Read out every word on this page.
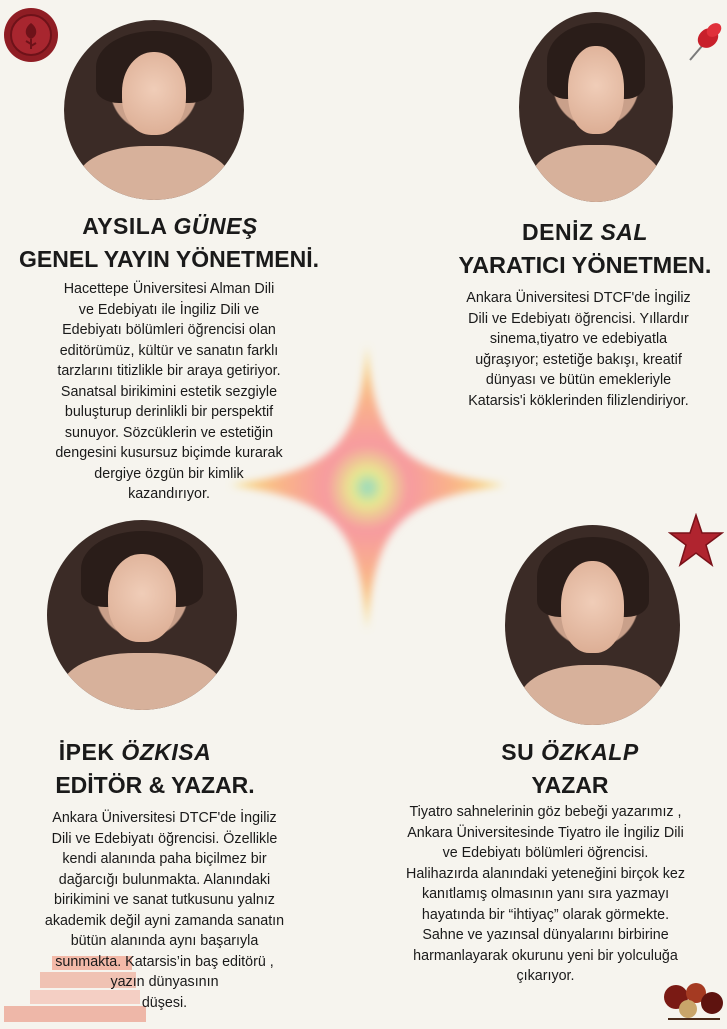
AYSILA GÜNEŞ
GENEL YAYIN YÖNETMENİ.
Hacettepe Üniversitesi Alman Dili
ve Edebiyatı ile İngiliz Dili ve
Edebiyatı bölümleri öğrencisi olan
editörümüz, kültür ve sanatın farklı
tarzlarını titizlikle bir araya getiriyor.
Sanatsal birikimini estetik sezgiyle
buluşturup derinlikli bir perspektif
sunuyor. Sözcüklerin ve estetiğin
dengesini kusursuz biçimde kurarak
dergiye özgün bir kimlik
kazandırıyor.
DENİZ SAL
YARATICI YÖNETMEN.
Ankara Üniversitesi DTCF'de İngiliz
Dili ve Edebiyatı öğrencisi. Yıllardır
sinema,tiyatro ve edebiyatla
uğraşıyor; estetiğe bakışı, kreatif
dünyası ve bütün emekleriyle
Katarsis'i köklerinden filizlendiriyor.
İPEK ÖZKISA
EDİTÖR & YAZAR.
Ankara Üniversitesi DTCF'de İngiliz
Dili ve Edebiyatı öğrencisi. Özellikle
kendi alanında paha biçilmez bir
dağarcığı bulunmakta. Alanındaki
birikimini ve sanat tutkusunu yalnız
akademik değil ayni zamanda sanatın
bütün alanında aynı başarıyla
sunmakta. Katarsis’in baş editörü ,
yazın dünyasının
düşesi.
SU ÖZKALP
YAZAR
Tiyatro sahnelerinin göz bebeği yazarımız ,
Ankara Üniversitesinde Tiyatro ile İngiliz Dili
ve Edebiyatı bölümleri öğrencisi.
Halihazırda alanındaki yeteneğini birçok kez
kanıtlamış olmasının yanı sıra yazmayı
hayatında bir “ihtiyaç” olarak görmekte.
Sahne ve yazınsal dünyalarını birbirine
harmanlayarak okurunu yeni bir yolculuğa
çıkarıyor.
